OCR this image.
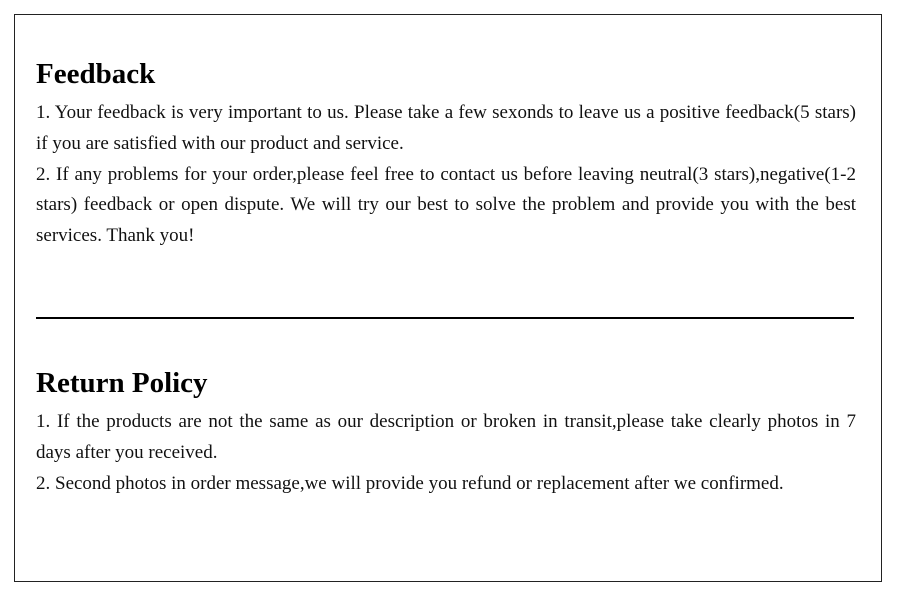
Feedback

1. Your feedback is very important to us. Please take a few sexonds to leave us a positive feedback(5 stars) if you are satisfied with our product and service.

2. If any problems for your order,please feel free to contact us before leaving neutral(3 stars),negative(1-2 stars) feedback or open dispute. We will try our best to solve the problem and provide you with the best services. Thank you!

Return Policy

1. If the products are not the same as our description or broken in transit,please take clearly photos in 7 days after you received.

2. Second photos in order message,we will provide you refund or replacement after we confirmed.
